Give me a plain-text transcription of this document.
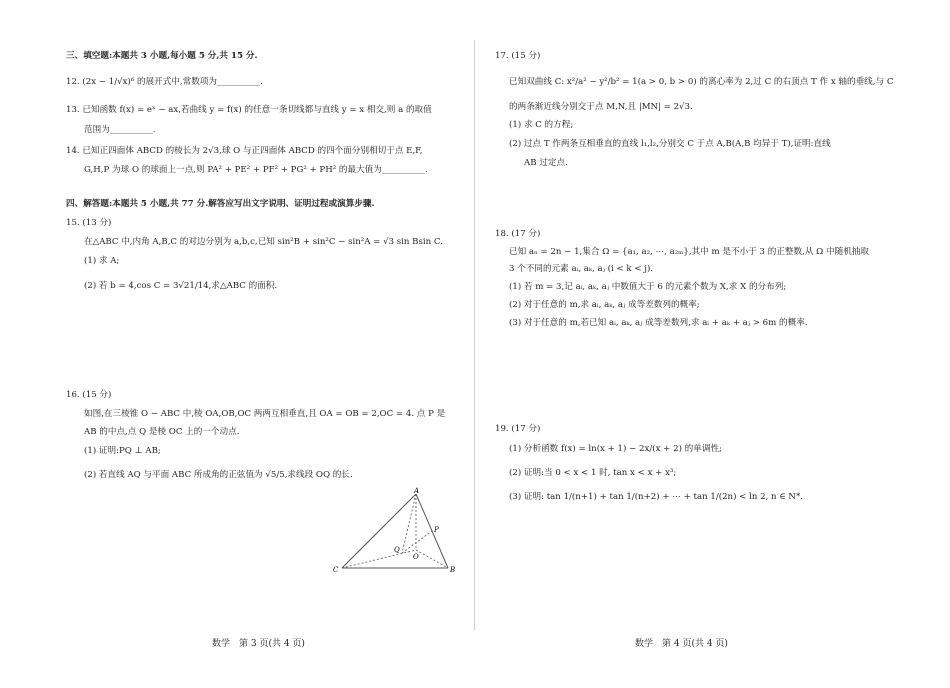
三、填空题:本题共 3 小题,每小题 5 分,共 15 分.
12. (2x − 1/√x)⁶ 的展开式中,常数项为__________.
13. 已知函数 f(x) = eˣ − ax,若曲线 y = f(x) 的任意一条切线都与直线 y = x 相交,则 a 的取值
范围为__________.
14. 已知正四面体 ABCD 的棱长为 2√3,球 O 与正四面体 ABCD 的四个面分别相切于点 E,F,
G,H,P 为球 O 的球面上一点,则 PA² + PE² + PF² + PG² + PH² 的最大值为__________.
四、解答题:本题共 5 小题,共 77 分.解答应写出文字说明、证明过程或演算步骤.
15. (13 分)
在△ABC 中,内角 A,B,C 的对边分别为 a,b,c,已知 sin²B + sin²C − sin²A = √3 sin Bsin C.
(1) 求 A;
(2) 若 b = 4,cos C = 3√21/14,求△ABC 的面积.
16. (15 分)
如图,在三棱锥 O − ABC 中,棱 OA,OB,OC 两两互相垂直,且 OA = OB = 2,OC = 4. 点 P 是
AB 的中点,点 Q 是棱 OC 上的一个动点.
(1) 证明:PQ ⊥ AB;
(2) 若直线 AQ 与平面 ABC 所成角的正弦值为 √5/5,求线段 OQ 的长.
A
B
C
O
P
Q
数学　第 3 页(共 4 页)
17. (15 分)
已知双曲线 C: x²/a² − y²/b² = 1(a > 0, b > 0) 的离心率为 2,过 C 的右顶点 T 作 x 轴的垂线,与 C
的两条渐近线分别交于点 M,N,且 |MN| = 2√3.
(1) 求 C 的方程;
(2) 过点 T 作两条互相垂直的直线 l₁,l₂,分别交 C 于点 A,B(A,B 均异于 T),证明:直线
AB 过定点.
18. (17 分)
已知 aₙ = 2n − 1,集合 Ω = {a₁, a₂, ⋯, a₂ₘ},其中 m 是不小于 3 的正整数,从 Ω 中随机抽取
3 个不同的元素 aᵢ, aₖ, aⱼ (i < k < j).
(1) 若 m = 3,记 aᵢ, aₖ, aⱼ 中数值大于 6 的元素个数为 X,求 X 的分布列;
(2) 对于任意的 m,求 aᵢ, aₖ, aⱼ 成等差数列的概率;
(3) 对于任意的 m,若已知 aᵢ, aₖ, aⱼ 成等差数列,求 aᵢ + aₖ + aⱼ > 6m 的概率.
19. (17 分)
(1) 分析函数 f(x) = ln(x + 1) − 2x/(x + 2) 的单调性;
(2) 证明:当 0 < x < 1 时, tan x < x + x³;
(3) 证明: tan 1/(n+1) + tan 1/(n+2) + ⋯ + tan 1/(2n) < ln 2, n ∈ N*.
数学　第 4 页(共 4 页)
